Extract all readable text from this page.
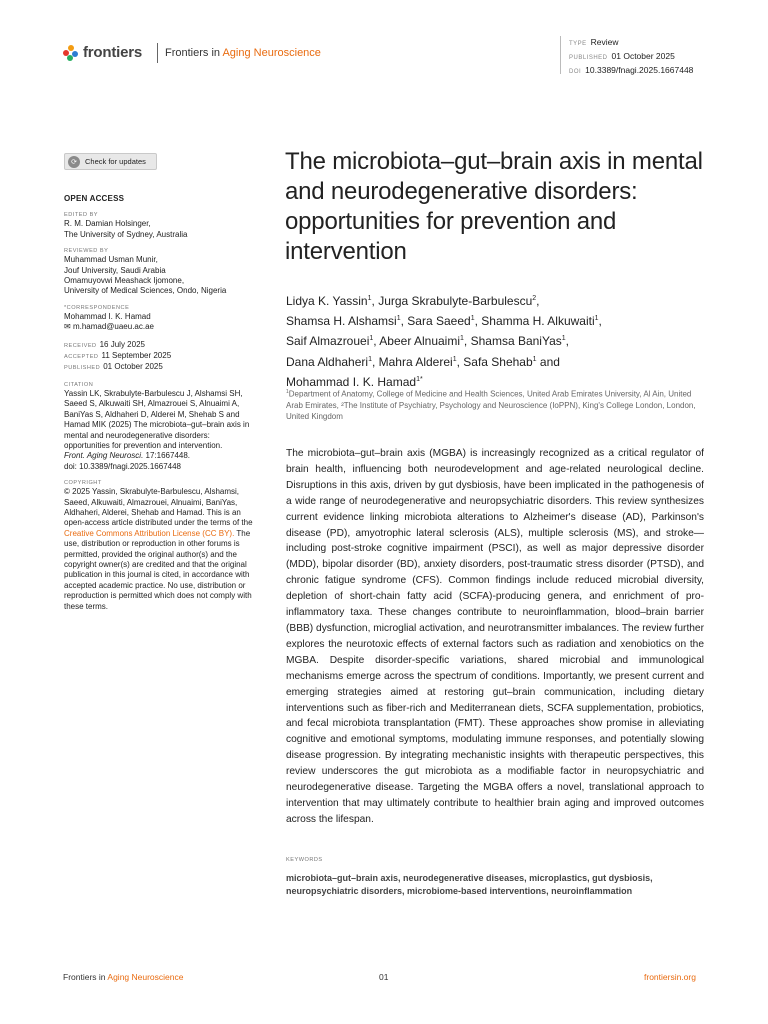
frontiers Frontiers in Aging Neuroscience
TYPE Review
PUBLISHED 01 October 2025
DOI 10.3389/fnagi.2025.1667448
⟳	Check for updates
OPEN ACCESS
EDITED BY

R. M. Damian Holsinger,

The University of Sydney, Australia

REVIEWED BY

Muhammad Usman Munir,

Jouf University, Saudi Arabia

Omamuyovwi Meashack Ijomone,

University of Medical Sciences, Ondo, Nigeria

*CORRESPONDENCE

Mohammad I. K. Hamad

✉ m.hamad@uaeu.ac.ae

RECEIVED 16 July 2025

ACCEPTED 11 September 2025

PUBLISHED 01 October 2025

CITATION

Yassin LK, Skrabulyte-Barbulescu J, Alshamsi SH, Saeed S, Alkuwaiti SH, Almazrouei S, Alnuaimi A, BaniYas S, Aldhaheri D, Alderei M, Shehab S and Hamad MIK (2025) The microbiota–gut–brain axis in mental and neurodegenerative disorders: opportunities for prevention and intervention.
Front. Aging Neurosci. 17:1667448.
doi: 10.3389/fnagi.2025.1667448

COPYRIGHT

© 2025 Yassin, Skrabulyte-Barbulescu, Alshamsi, Saeed, Alkuwaiti, Almazrouei, Alnuaimi, BaniYas, Aldhaheri, Alderei, Shehab and Hamad. This is an open-access article distributed under the terms of the Creative Commons Attribution License (CC BY). The use, distribution or reproduction in other forums is permitted, provided the original author(s) and the copyright owner(s) are credited and that the original publication in this journal is cited, in accordance with accepted academic practice. No use, distribution or reproduction is permitted which does not comply with these terms.

The microbiota–gut–brain axis in mental and neurodegenerative disorders: opportunities for prevention and intervention
Lidya K. Yassin$^1$, Jurga Skrabulyte-Barbulescu$^2$,
Shamsa H. Alshamsi$^1$, Sara Saeed$^1$, Shamma H. Alkuwaiti$^1$,
Saif Almazrouei$^1$, Abeer Alnuaimi$^1$, Shamsa BaniYas$^1$,
Dana Aldhaheri$^1$, Mahra Alderei$^1$, Safa Shehab$^1$ and
Mohammad I. K. Hamad$^{1*}$
$^1$Department of Anatomy, College of Medicine and Health Sciences, United Arab Emirates University, Al Ain, United Arab Emirates, ²The Institute of Psychiatry, Psychology and Neuroscience (IoPPN), King's College London, London, United Kingdom
The microbiota–gut–brain axis (MGBA) is increasingly recognized as a critical regulator of brain health, influencing both neurodevelopment and age-related neurological decline. Disruptions in this axis, driven by gut dysbiosis, have been implicated in the pathogenesis of a wide range of neurodegenerative and neuropsychiatric disorders. This review synthesizes current evidence linking microbiota alterations to Alzheimer's disease (AD), Parkinson's disease (PD), amyotrophic lateral sclerosis (ALS), multiple sclerosis (MS), and stroke—including post-stroke cognitive impairment (PSCI), as well as major depressive disorder (MDD), bipolar disorder (BD), anxiety disorders, post-traumatic stress disorder (PTSD), and chronic fatigue syndrome (CFS). Common findings include reduced microbial diversity, depletion of short-chain fatty acid (SCFA)-producing genera, and enrichment of pro-inflammatory taxa. These changes contribute to neuroinflammation, blood–brain barrier (BBB) dysfunction, microglial activation, and neurotransmitter imbalances. The review further explores the neurotoxic effects of external factors such as radiation and xenobiotics on the MGBA. Despite disorder-specific variations, shared microbial and immunological mechanisms emerge across the spectrum of conditions. Importantly, we present current and emerging strategies aimed at restoring gut–brain communication, including dietary interventions such as fiber-rich and Mediterranean diets, SCFA supplementation, probiotics, and fecal microbiota transplantation (FMT). These approaches show promise in alleviating cognitive and emotional symptoms, modulating immune responses, and potentially slowing disease progression. By integrating mechanistic insights with therapeutic perspectives, this review underscores the gut microbiota as a modifiable factor in neuropsychiatric and neurodegenerative disease. Targeting the MGBA offers a novel, translational approach to intervention that may ultimately contribute to healthier brain aging and improved outcomes across the lifespan.
KEYWORDS
microbiota–gut–brain axis, neurodegenerative diseases, microplastics, gut dysbiosis, neuropsychiatric disorders, microbiome-based interventions, neuroinflammation
Frontiers in Aging Neuroscience	01	frontiersin.org
